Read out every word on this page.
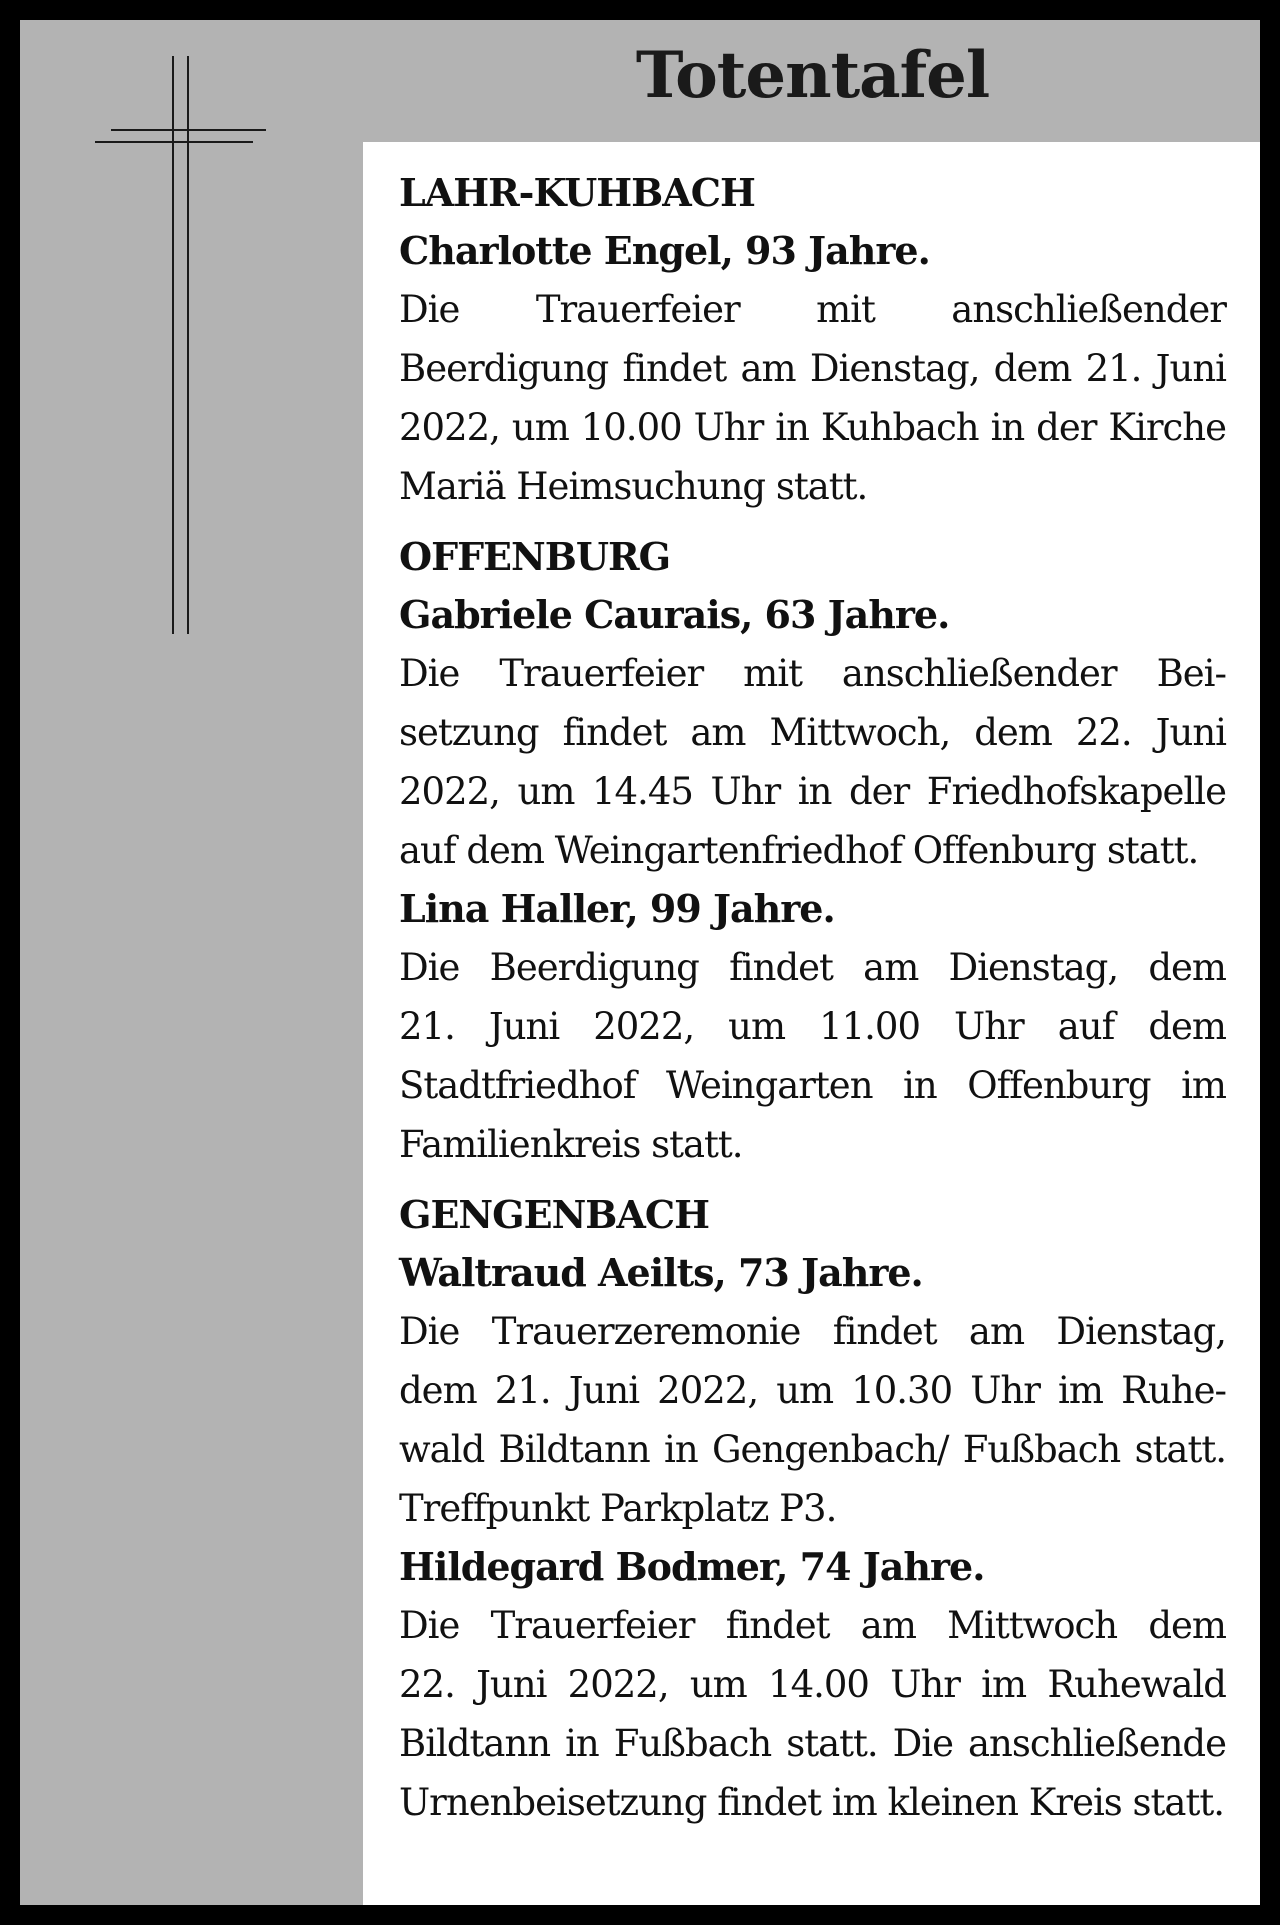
Totentafel
LAHR-KUHBACH
Charlotte Engel, 93 Jahre.
Die Trauerfeier mit anschließender
Beerdigung findet am Dienstag, dem 21. Juni
2022, um 10.00 Uhr in Kuhbach in der Kirche
Mariä Heimsuchung statt.
OFFENBURG
Gabriele Caurais, 63 Jahre.
Die Trauerfeier mit anschließender Bei-
setzung findet am Mittwoch, dem 22. Juni
2022, um 14.45 Uhr in der Friedhofskapelle
auf dem Weingartenfriedhof Offenburg statt.
Lina Haller, 99 Jahre.
Die Beerdigung findet am Dienstag, dem
21. Juni 2022, um 11.00 Uhr auf dem
Stadtfriedhof Weingarten in Offenburg im
Familienkreis statt.
GENGENBACH
Waltraud Aeilts, 73 Jahre.
Die Trauerzeremonie findet am Dienstag,
dem 21. Juni 2022, um 10.30 Uhr im Ruhe-
wald Bildtann in Gengenbach/ Fußbach statt.
Treffpunkt Parkplatz P3.
Hildegard Bodmer, 74 Jahre.
Die Trauerfeier findet am Mittwoch dem
22. Juni 2022, um 14.00 Uhr im Ruhewald
Bildtann in Fußbach statt. Die anschließende
Urnenbeisetzung findet im kleinen Kreis statt.
